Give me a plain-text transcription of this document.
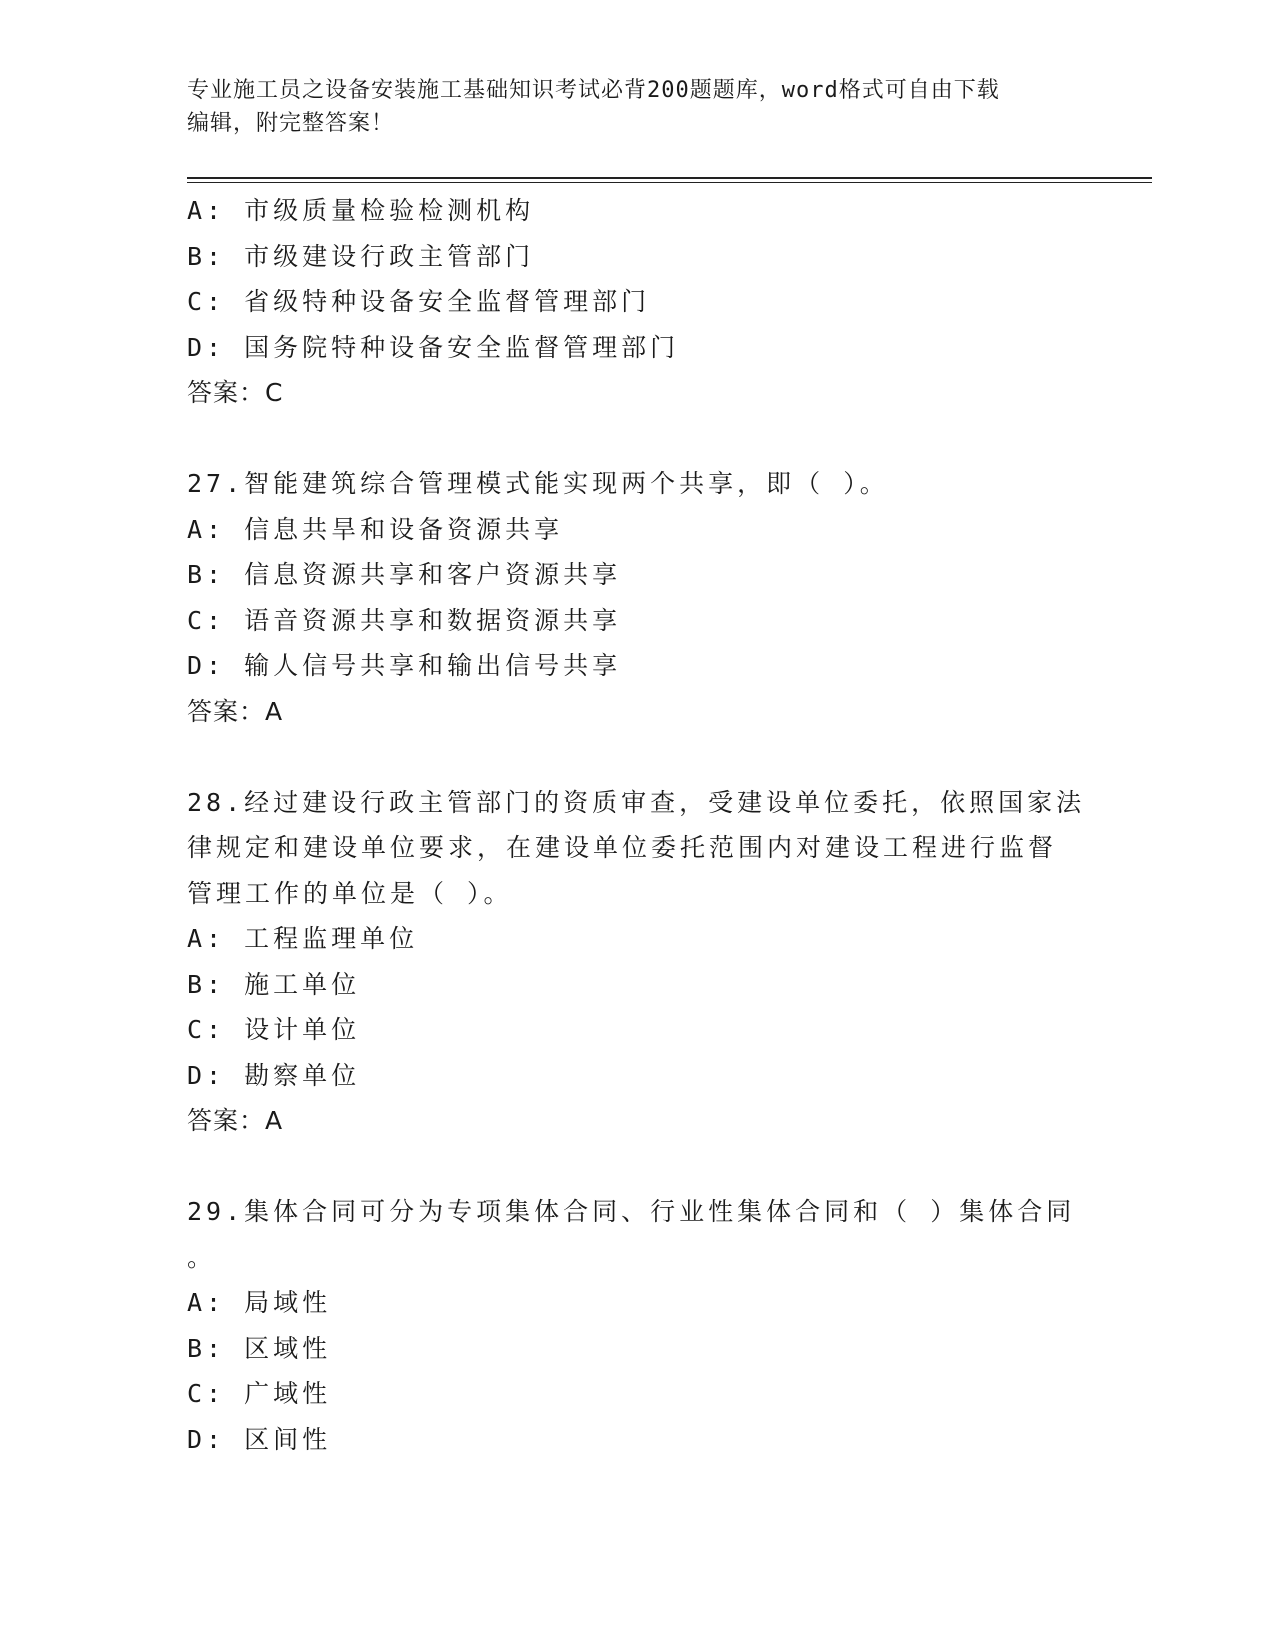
专业施工员之设备安装施工基础知识考试必背200题题库，word格式可自由下载
编辑，附完整答案！
A: 市级质量检验检测机构
B: 市级建设行政主管部门
C: 省级特种设备安全监督管理部门
D: 国务院特种设备安全监督管理部门
答案：C
27.智能建筑综合管理模式能实现两个共享，即（ ）。
A: 信息共旱和设备资源共享
B: 信息资源共享和客户资源共享
C: 语音资源共享和数据资源共享
D: 输人信号共享和输出信号共享
答案：A
28.经过建设行政主管部门的资质审查，受建设单位委托，依照国家法
律规定和建设单位要求，在建设单位委托范围内对建设工程进行监督
管理工作的单位是（ ）。
A: 工程监理单位
B: 施工单位
C: 设计单位
D: 勘察单位
答案：A
29.集体合同可分为专项集体合同、行业性集体合同和（ ）集体合同
。
A: 局域性
B: 区域性
C: 广域性
D: 区间性
